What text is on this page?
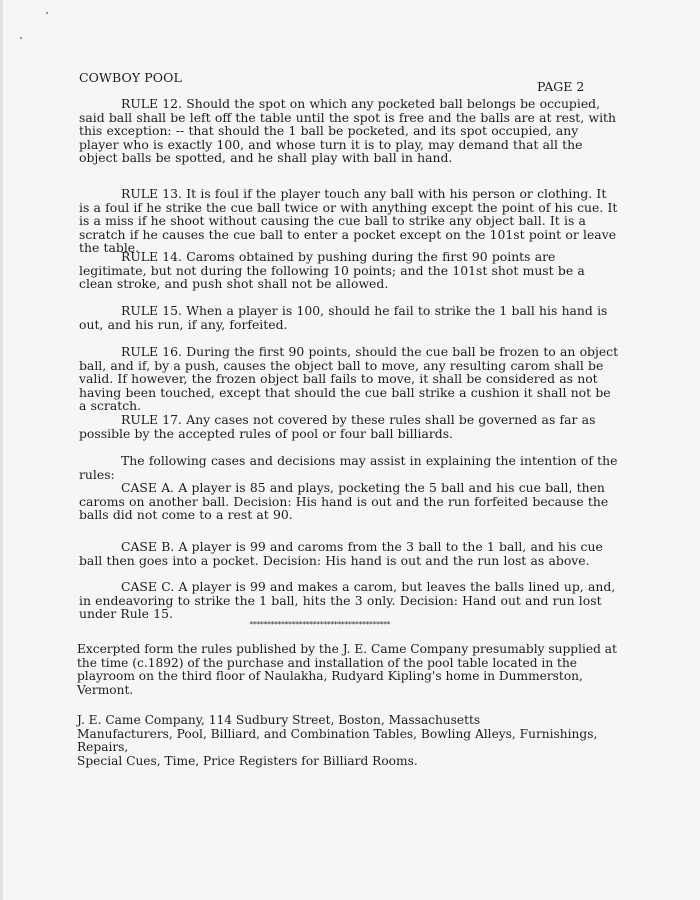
COWBOY POOL
PAGE 2
RULE 12. Should the spot on which any pocketed ball belongs be occupied, said ball shall be left off the table until the spot is free and the balls are at rest, with this exception: -- that should the 1 ball be pocketed, and its spot occupied, any player who is exactly 100, and whose turn it is to play, may demand that all the object balls be spotted, and he shall play with ball in hand.
RULE 13. It is foul if the player touch any ball with his person or clothing. It is a foul if he strike the cue ball twice or with anything except the point of his cue. It is a miss if he shoot without causing the cue ball to strike any object ball. It is a scratch if he causes the cue ball to enter a pocket except on the 101st point or leave the table.
RULE 14. Caroms obtained by pushing during the first 90 points are legitimate, but not during the following 10 points; and the 101st shot must be a clean stroke, and push shot shall not be allowed.
RULE 15. When a player is 100, should he fail to strike the 1 ball his hand is out, and his run, if any, forfeited.
RULE 16. During the first 90 points, should the cue ball be frozen to an object ball, and if, by a push, causes the object ball to move, any resulting carom shall be valid. If however, the frozen object ball fails to move, it shall be considered as not having been touched, except that should the cue ball strike a cushion it shall not be a scratch.
RULE 17. Any cases not covered by these rules shall be governed as far as possible by the accepted rules of pool or four ball billiards.
The following cases and decisions may assist in explaining the intention of the rules:
CASE A. A player is 85 and plays, pocketing the 5 ball and his cue ball, then caroms on another ball. Decision: His hand is out and the run forfeited because the balls did not come to a rest at 90.
CASE B. A player is 99 and caroms from the 3 ball to the 1 ball, and his cue ball then goes into a pocket. Decision: His hand is out and the run lost as above.
CASE C. A player is 99 and makes a carom, but leaves the balls lined up, and, in endeavoring to strike the 1 ball, hits the 3 only. Decision: Hand out and run lost under Rule 15.
****************************************
Excerpted form the rules published by the J. E. Came Company presumably supplied at the time (c.1892) of the purchase and installation of the pool table located in the playroom on the third floor of Naulakha, Rudyard Kipling's home in Dummerston, Vermont.
J. E. Came Company, 114 Sudbury Street, Boston, Massachusetts
Manufacturers, Pool, Billiard, and Combination Tables, Bowling Alleys, Furnishings, Repairs,
Special Cues, Time, Price Registers for Billiard Rooms.
